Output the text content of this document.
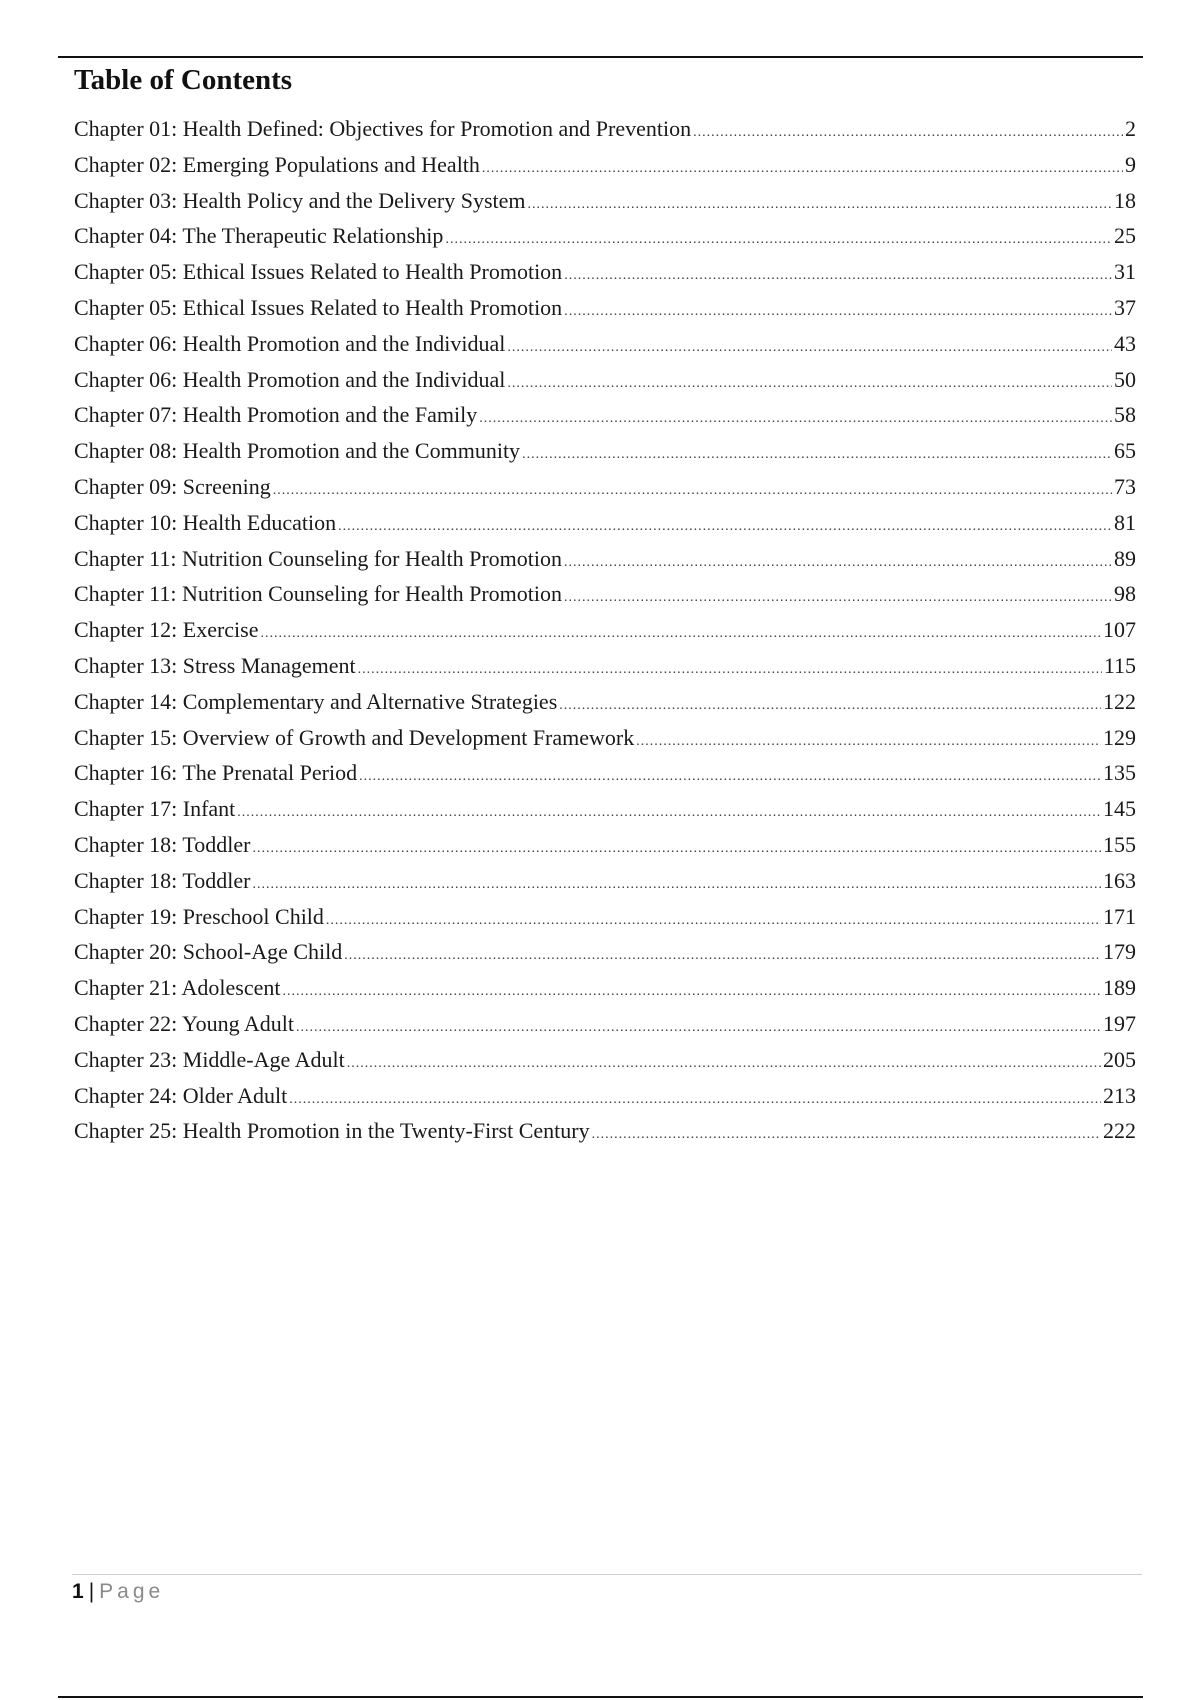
Table of Contents
Chapter 01: Health Defined: Objectives for Promotion and Prevention .....	2
Chapter 02: Emerging Populations and Health .....	9
Chapter 03: Health Policy and the Delivery System .....	18
Chapter 04: The Therapeutic Relationship .....	25
Chapter 05: Ethical Issues Related to Health Promotion .....	31
Chapter 05: Ethical Issues Related to Health Promotion .....	37
Chapter 06: Health Promotion and the Individual .....	43
Chapter 06: Health Promotion and the Individual .....	50
Chapter 07: Health Promotion and the Family .....	58
Chapter 08: Health Promotion and the Community .....	65
Chapter 09: Screening .....	73
Chapter 10: Health Education .....	81
Chapter 11: Nutrition Counseling for Health Promotion .....	89
Chapter 11: Nutrition Counseling for Health Promotion .....	98
Chapter 12: Exercise .....	107
Chapter 13: Stress Management .....	115
Chapter 14: Complementary and Alternative Strategies .....	122
Chapter 15: Overview of Growth and Development Framework .....	129
Chapter 16: The Prenatal Period .....	135
Chapter 17: Infant .....	145
Chapter 18: Toddler .....	155
Chapter 18: Toddler .....	163
Chapter 19: Preschool Child .....	171
Chapter 20: School-Age Child .....	179
Chapter 21: Adolescent .....	189
Chapter 22: Young Adult .....	197
Chapter 23: Middle-Age Adult .....	205
Chapter 24: Older Adult .....	213
Chapter 25: Health Promotion in the Twenty-First Century .....	222
1 | Page
